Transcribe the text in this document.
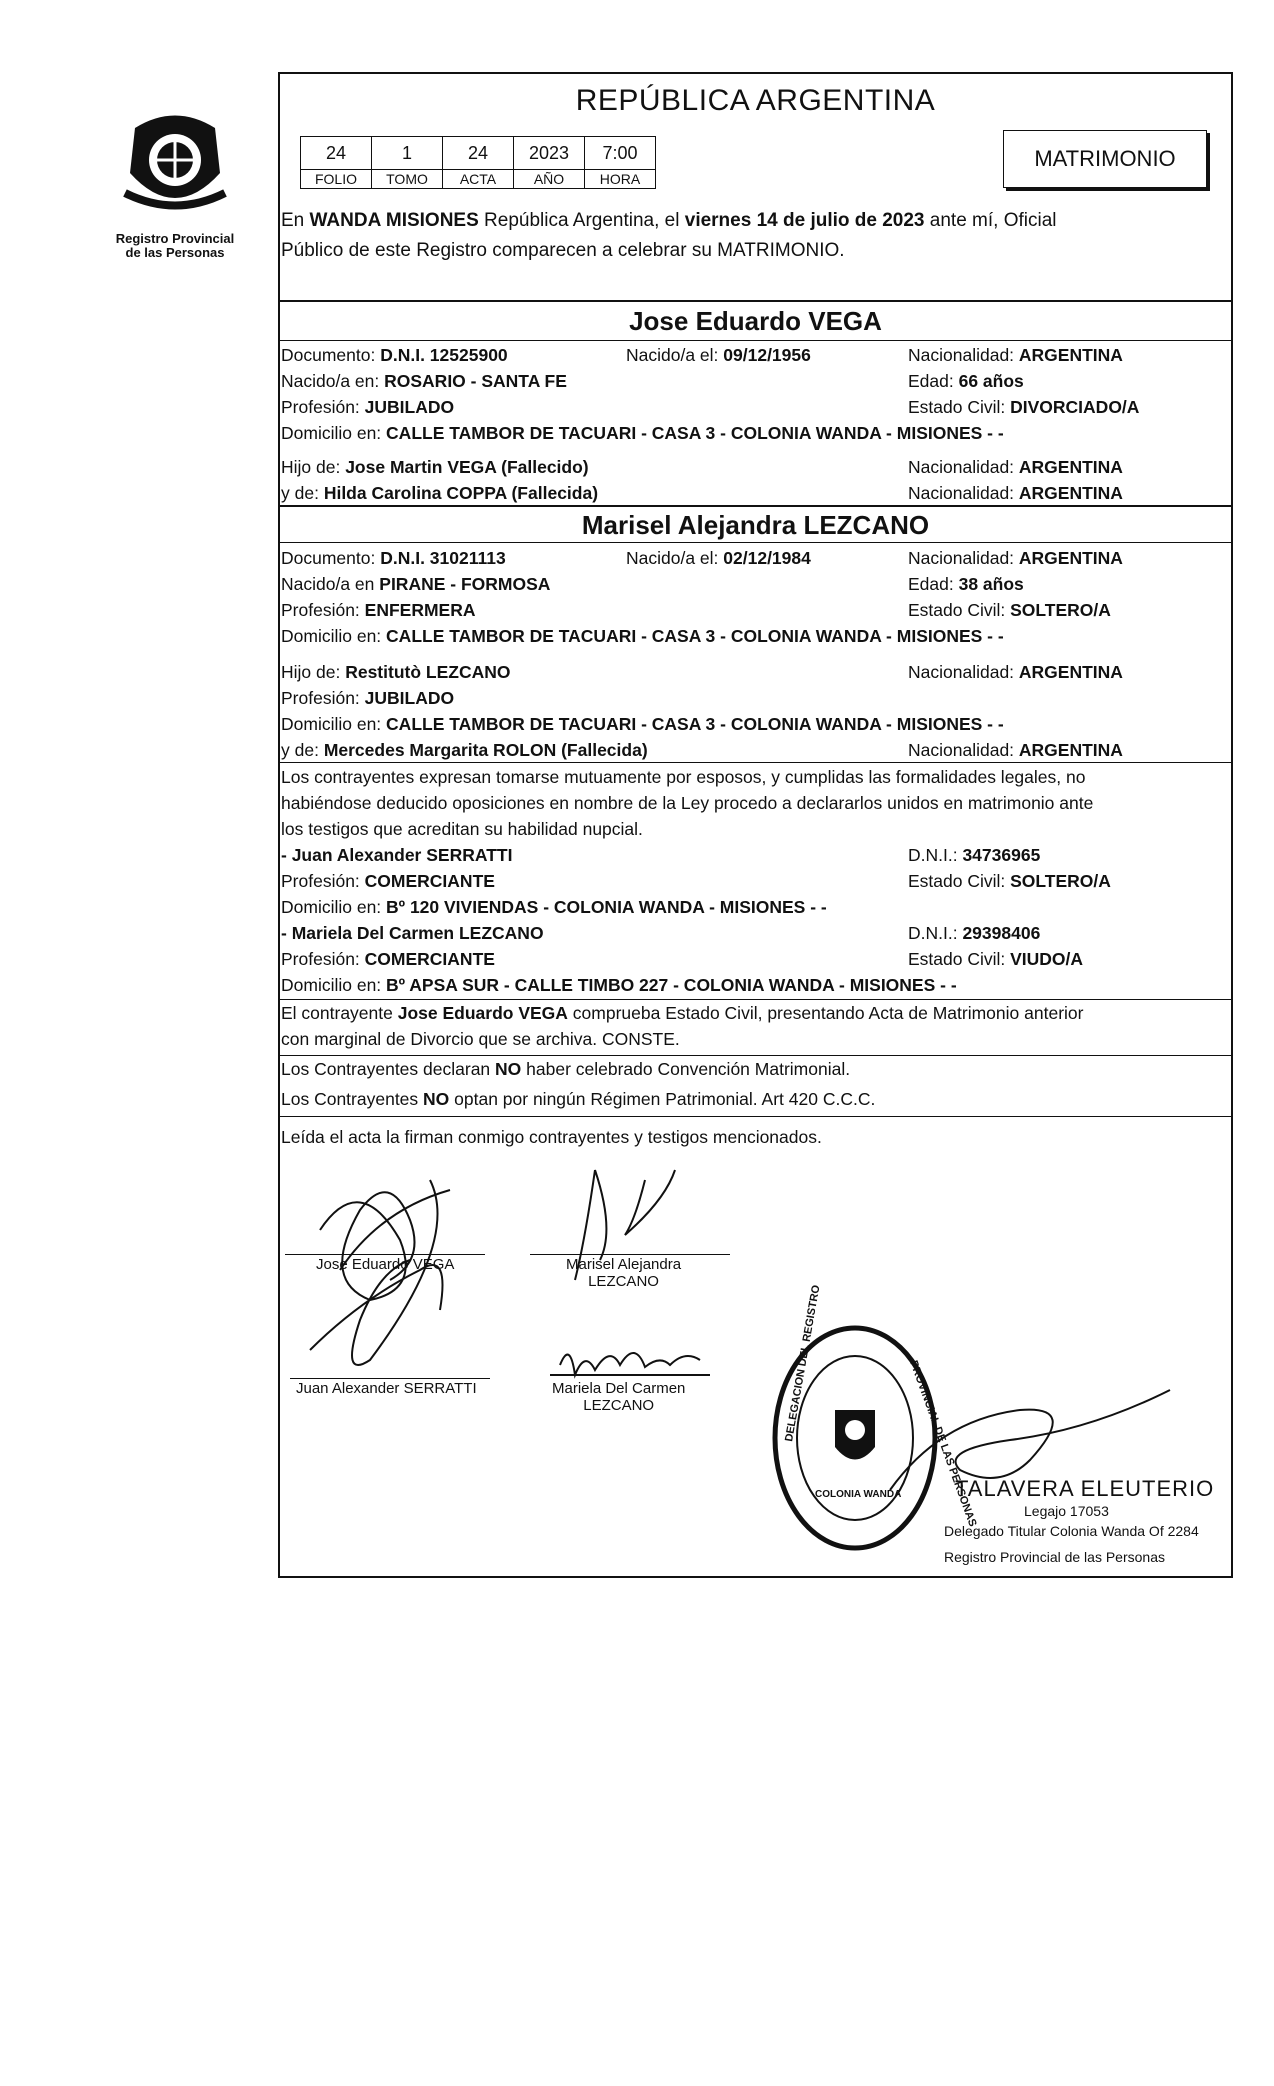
Registro Provincial
de las Personas
REPÚBLICA ARGENTINA
24	1	24	2023	7:00
FOLIO	TOMO	ACTA	AÑO	HORA
MATRIMONIO
En WANDA MISIONES República Argentina, el viernes 14 de julio de 2023 ante mí, Oficial
Público de este Registro comparecen a celebrar su MATRIMONIO.
Jose Eduardo VEGA
Documento: D.N.I. 12525900	Nacido/a el: 09/12/1956	Nacionalidad: ARGENTINA
Nacido/a en: ROSARIO - SANTA FE	Edad: 66 años
Profesión: JUBILADO	Estado Civil: DIVORCIADO/A
Domicilio en: CALLE TAMBOR DE TACUARI - CASA 3 - COLONIA WANDA - MISIONES - -
Hijo de: Jose Martin VEGA (Fallecido)	Nacionalidad: ARGENTINA
y de: Hilda Carolina COPPA (Fallecida)	Nacionalidad: ARGENTINA
Marisel Alejandra LEZCANO
Documento: D.N.I. 31021113	Nacido/a el: 02/12/1984	Nacionalidad: ARGENTINA
Nacido/a en PIRANE - FORMOSA	Edad: 38 años
Profesión: ENFERMERA	Estado Civil: SOLTERO/A
Domicilio en: CALLE TAMBOR DE TACUARI - CASA 3 - COLONIA WANDA - MISIONES - -
Hijo de: Restitutò LEZCANO	Nacionalidad: ARGENTINA
Profesión: JUBILADO
Domicilio en: CALLE TAMBOR DE TACUARI - CASA 3 - COLONIA WANDA - MISIONES - -
y de: Mercedes Margarita ROLON (Fallecida)	Nacionalidad: ARGENTINA
Los contrayentes expresan tomarse mutuamente por esposos, y cumplidas las formalidades legales, no
habiéndose deducido oposiciones en nombre de la Ley procedo a declararlos unidos en matrimonio ante
los testigos que acreditan su habilidad nupcial.
- Juan Alexander SERRATTI	D.N.I.: 34736965
Profesión: COMERCIANTE	Estado Civil: SOLTERO/A
Domicilio en: Bº 120 VIVIENDAS - COLONIA WANDA - MISIONES - -
- Mariela Del Carmen LEZCANO	D.N.I.: 29398406
Profesión: COMERCIANTE	Estado Civil: VIUDO/A
Domicilio en: Bº APSA SUR - CALLE TIMBO 227 - COLONIA WANDA - MISIONES - -
El contrayente Jose Eduardo VEGA comprueba Estado Civil, presentando Acta de Matrimonio anterior
con marginal de Divorcio que se archiva. CONSTE.
Los Contrayentes declaran NO haber celebrado Convención Matrimonial.
Los Contrayentes NO optan por ningún Régimen Patrimonial. Art 420 C.C.C.
Leída el acta la firman conmigo contrayentes y testigos mencionados.
Jose Eduardo VEGA	Marisel Alejandra
LEZCANO
Juan Alexander SERRATTI	Mariela Del Carmen
LEZCANO	DELEGACION DEL REGISTRO	PROVINCIAL DE LAS PERSONAS
COLONIA WANDA TALAVERA ELEUTERIO
Legajo 17053
Delegado Titular Colonia Wanda Of 2284
Registro Provincial de las Personas
